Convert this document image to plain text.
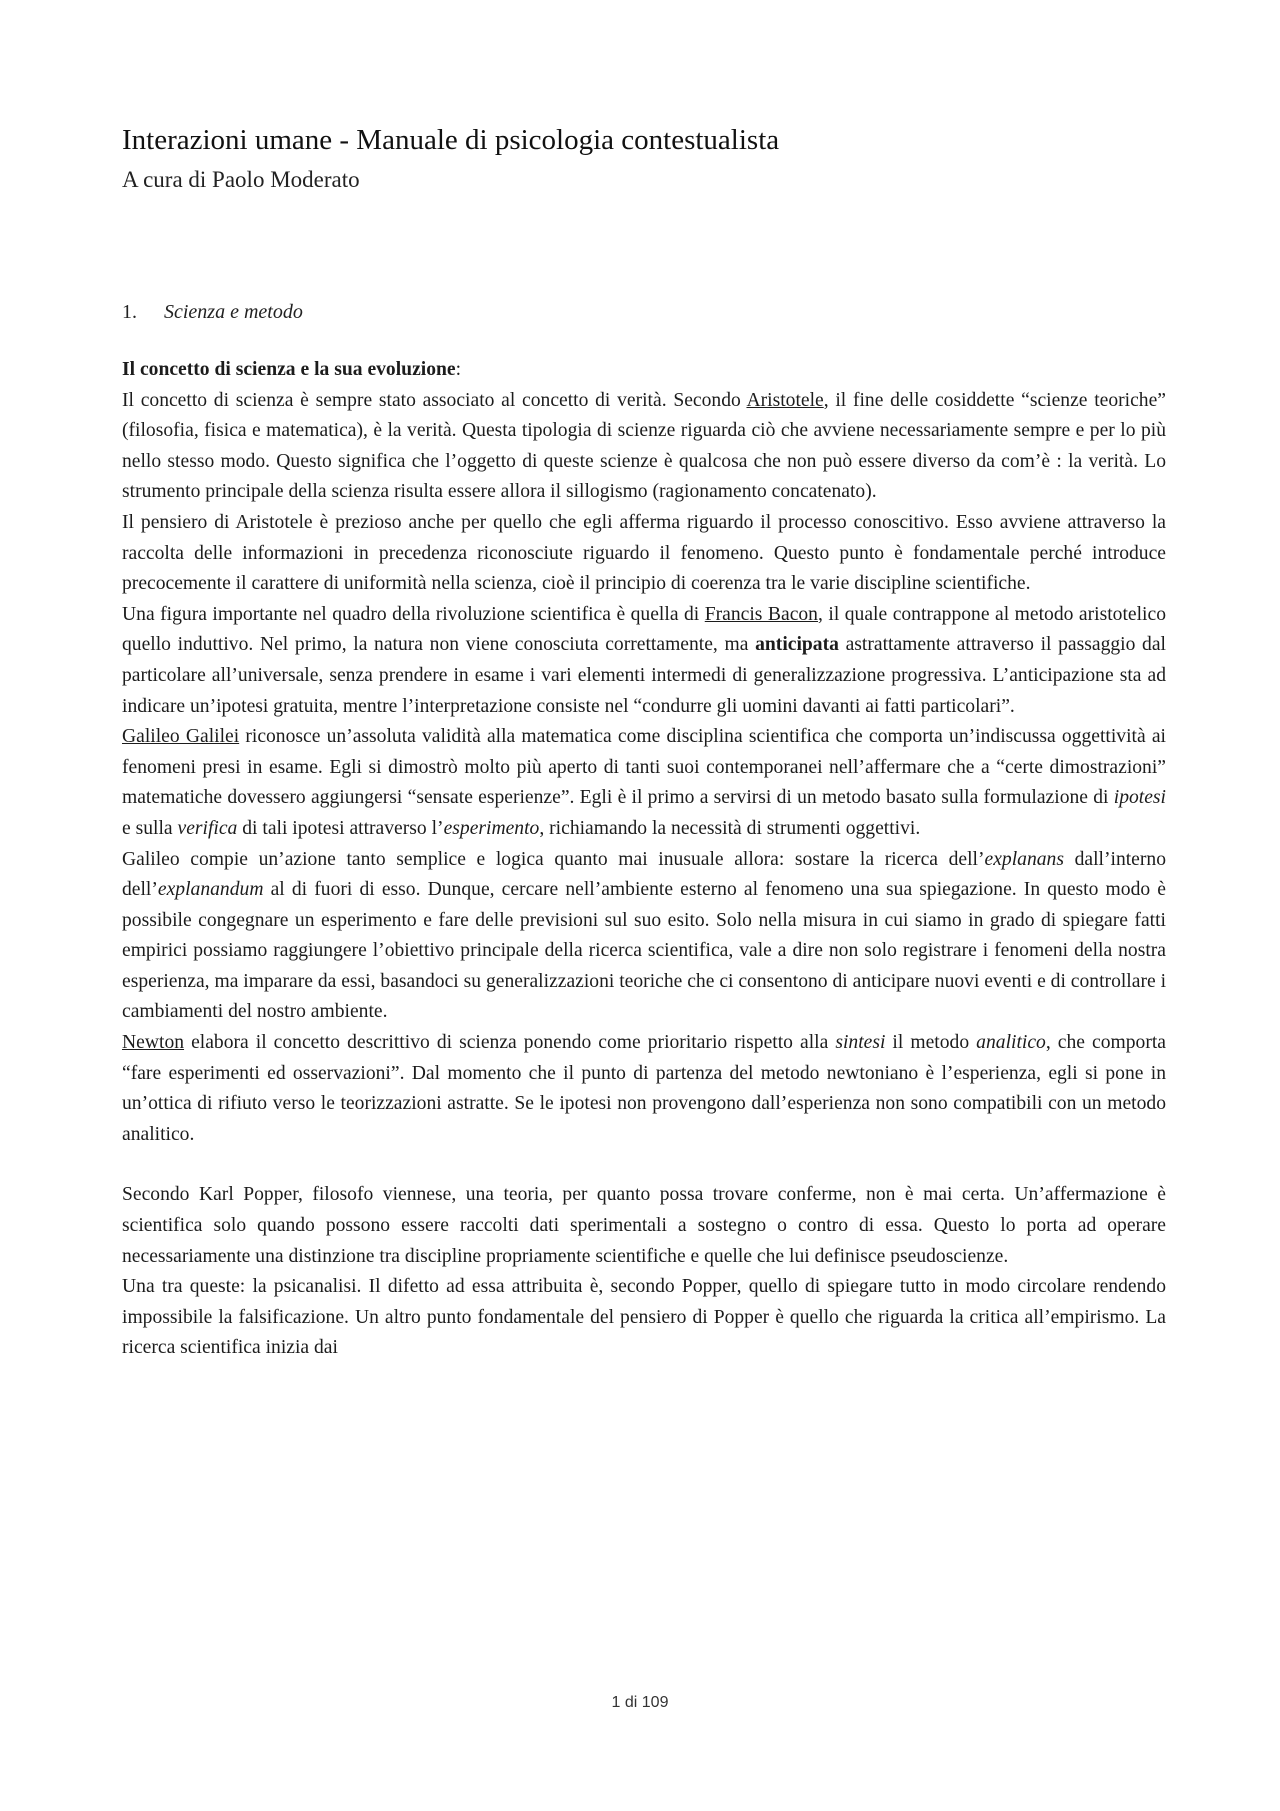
Interazioni umane - Manuale di psicologia contestualista
A cura di Paolo Moderato
1. Scienza e metodo

Il concetto di scienza e la sua evoluzione:

Il concetto di scienza è sempre stato associato al concetto di verità. Secondo Aristotele, il fine delle cosiddette “scienze teoriche” (filosofia, fisica e matematica), è la verità. Questa tipologia di scienze riguarda ciò che avviene necessariamente sempre e per lo più nello stesso modo. Questo significa che l’oggetto di queste scienze è qualcosa che non può essere diverso da com’è : la verità. Lo strumento principale della scienza risulta essere allora il sillogismo (ragionamento concatenato).

Il pensiero di Aristotele è prezioso anche per quello che egli afferma riguardo il processo conoscitivo. Esso avviene attraverso la raccolta delle informazioni in precedenza riconosciute riguardo il fenomeno. Questo punto è fondamentale perché introduce precocemente il carattere di uniformità nella scienza, cioè il principio di coerenza tra le varie discipline scientifiche.

Una figura importante nel quadro della rivoluzione scientifica è quella di Francis Bacon, il quale contrappone al metodo aristotelico quello induttivo. Nel primo, la natura non viene conosciuta correttamente, ma anticipata astrattamente attraverso il passaggio dal particolare all’universale, senza prendere in esame i vari elementi intermedi di generalizzazione progressiva. L’anticipazione sta ad indicare un’ipotesi gratuita, mentre l’interpretazione consiste nel “condurre gli uomini davanti ai fatti particolari”.

Galileo Galilei riconosce un’assoluta validità alla matematica come disciplina scientifica che comporta un’indiscussa oggettività ai fenomeni presi in esame. Egli si dimostrò molto più aperto di tanti suoi contemporanei nell’affermare che a “certe dimostrazioni” matematiche dovessero aggiungersi “sensate esperienze”. Egli è il primo a servirsi di un metodo basato sulla formulazione di ipotesi e sulla verifica di tali ipotesi attraverso l’esperimento, richiamando la necessità di strumenti oggettivi.

Galileo compie un’azione tanto semplice e logica quanto mai inusuale allora: sostare la ricerca dell’explanans dall’interno dell’explanandum al di fuori di esso. Dunque, cercare nell’ambiente esterno al fenomeno una sua spiegazione. In questo modo è possibile congegnare un esperimento e fare delle previsioni sul suo esito. Solo nella misura in cui siamo in grado di spiegare fatti empirici possiamo raggiungere l’obiettivo principale della ricerca scientifica, vale a dire non solo registrare i fenomeni della nostra esperienza, ma imparare da essi, basandoci su generalizzazioni teoriche che ci consentono di anticipare nuovi eventi e di controllare i cambiamenti del nostro ambiente.

Newton elabora il concetto descrittivo di scienza ponendo come prioritario rispetto alla sintesi il metodo analitico, che comporta “fare esperimenti ed osservazioni”. Dal momento che il punto di partenza del metodo newtoniano è l’esperienza, egli si pone in un’ottica di rifiuto verso le teorizzazioni astratte. Se le ipotesi non provengono dall’esperienza non sono compatibili con un metodo analitico.

Secondo Karl Popper, filosofo viennese, una teoria, per quanto possa trovare conferme, non è mai certa. Un’affermazione è scientifica solo quando possono essere raccolti dati sperimentali a sostegno o contro di essa. Questo lo porta ad operare necessariamente una distinzione tra discipline propriamente scientifiche e quelle che lui definisce pseudoscienze.

Una tra queste: la psicanalisi. Il difetto ad essa attribuita è, secondo Popper, quello di spiegare tutto in modo circolare rendendo impossibile la falsificazione. Un altro punto fondamentale del pensiero di Popper è quello che riguarda la critica all’empirismo. La ricerca scientifica inizia dai

1 di 109
